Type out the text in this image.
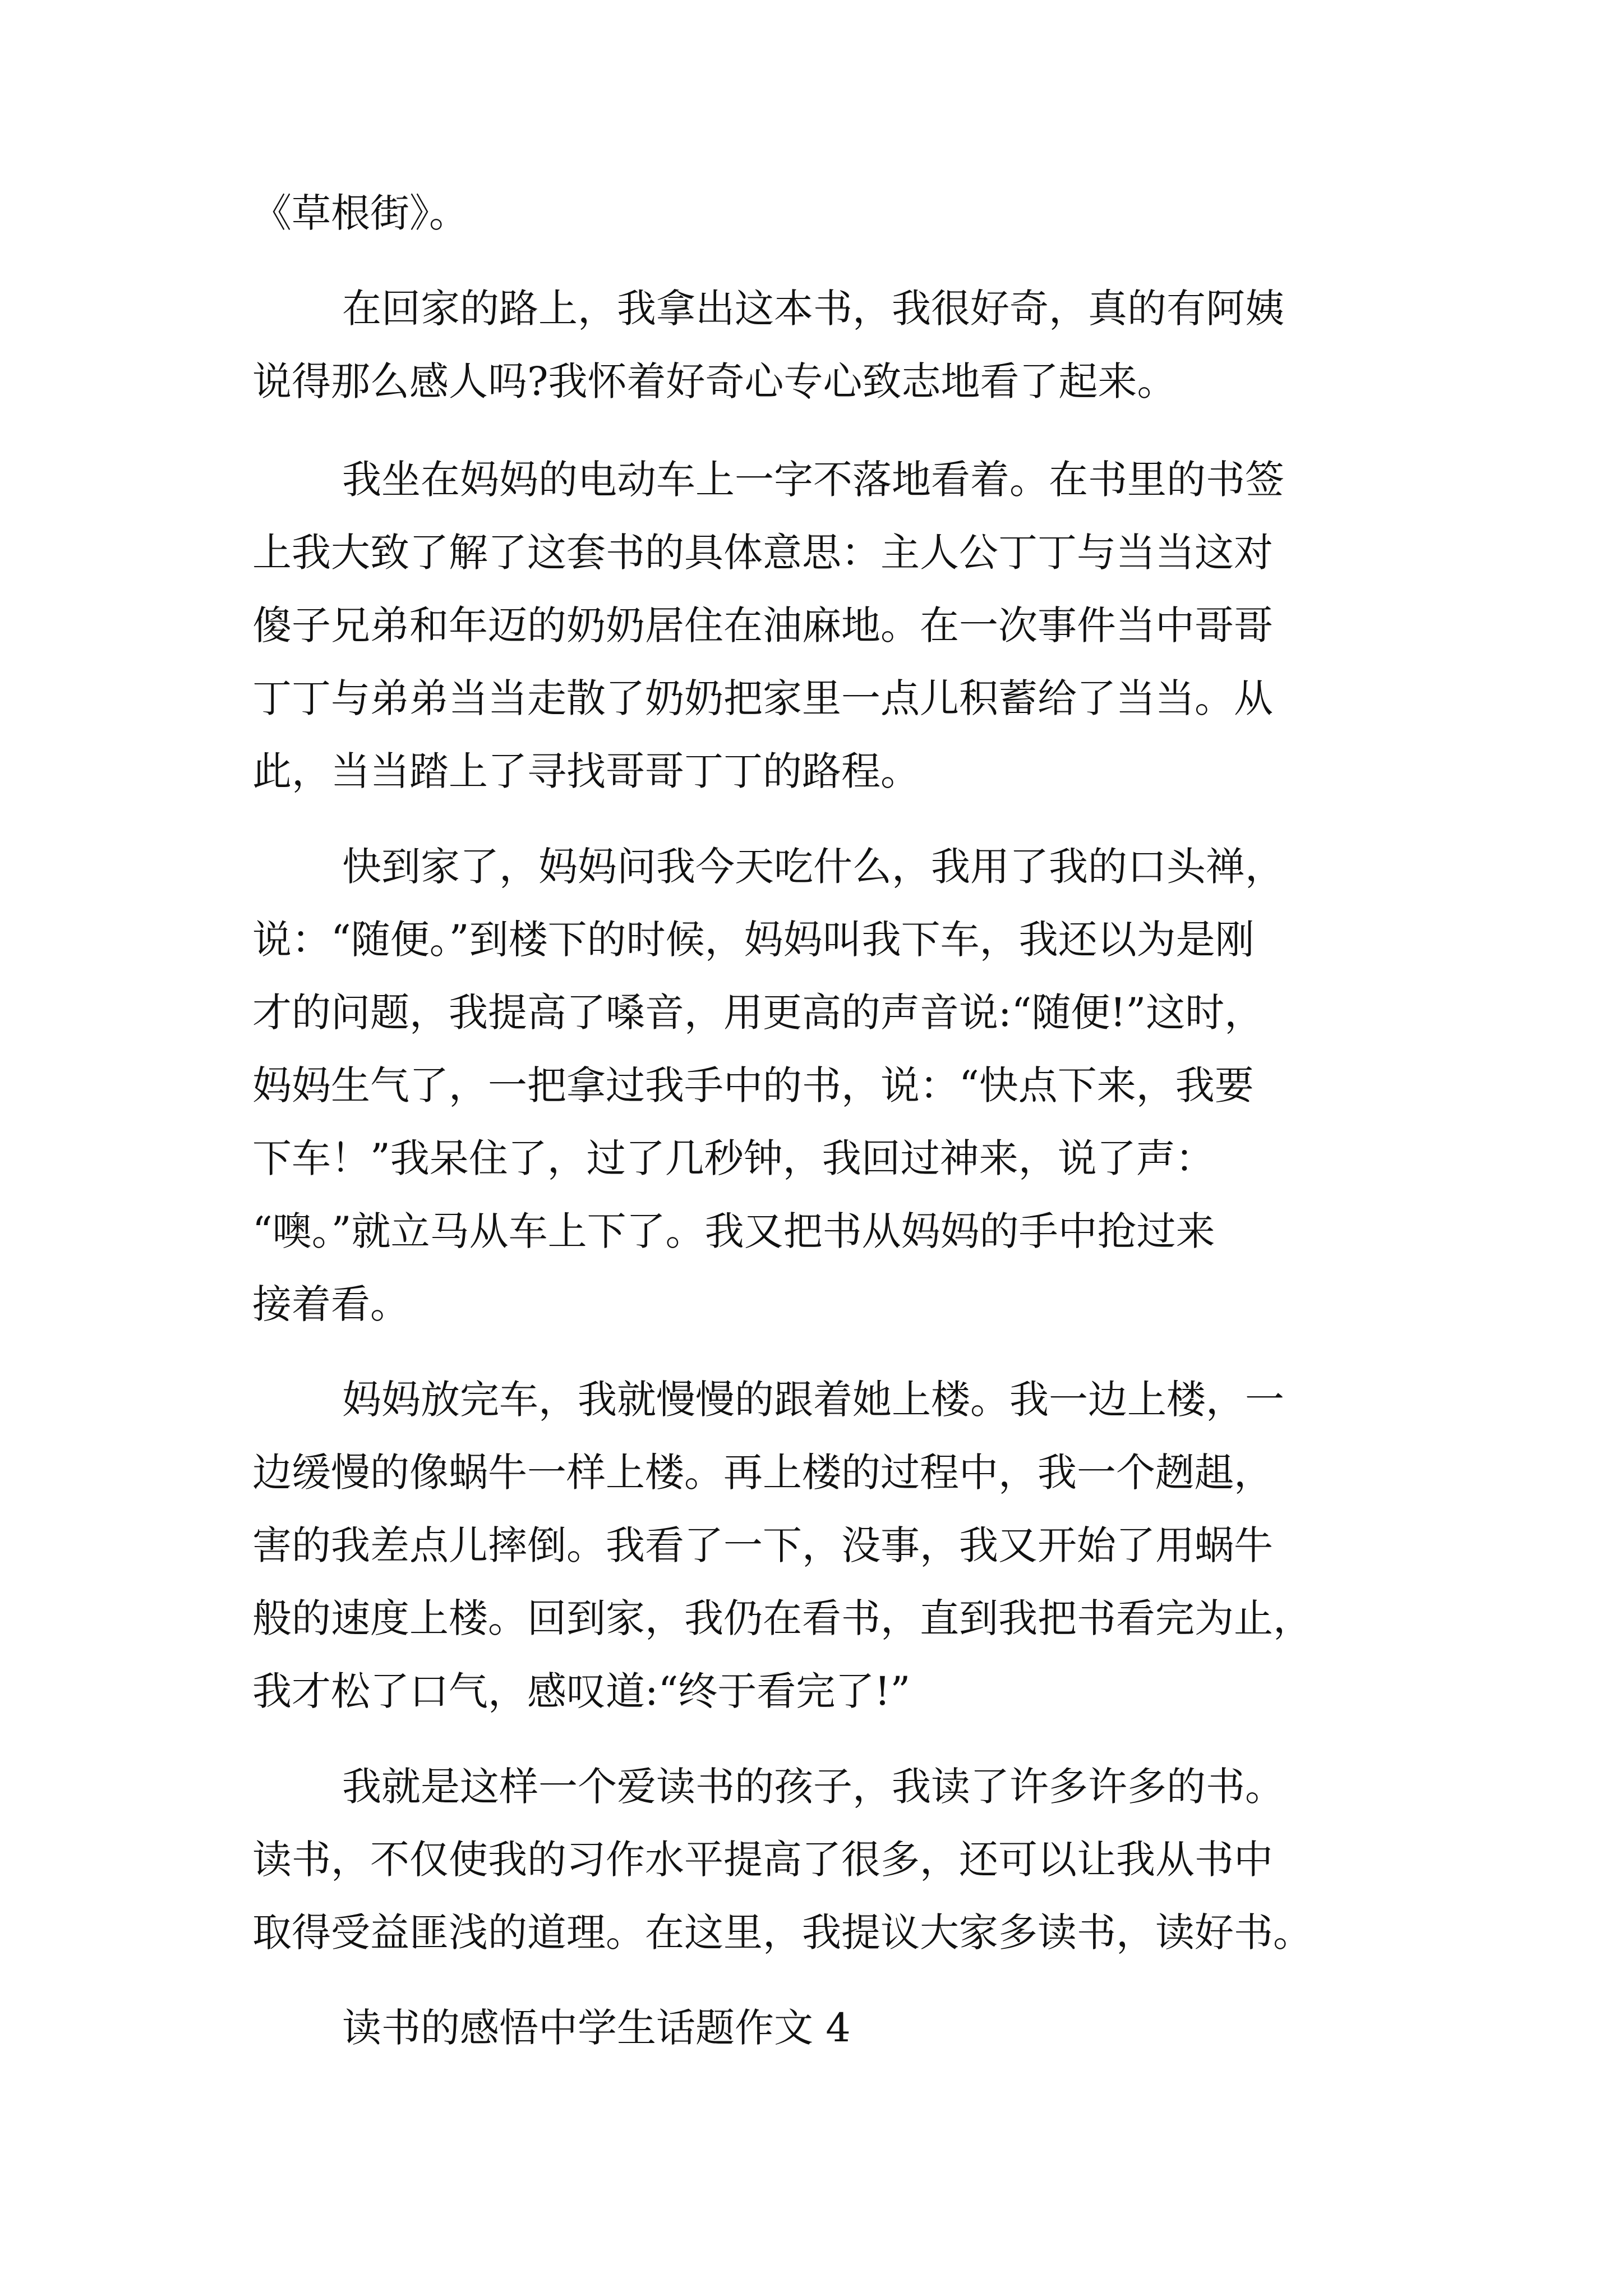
《草根街》。
在回家的路上，我拿出这本书，我很好奇，真的有阿姨
说得那么感人吗?我怀着好奇心专心致志地看了起来。
我坐在妈妈的电动车上一字不落地看着。在书里的书签
上我大致了解了这套书的具体意思：主人公丁丁与当当这对
傻子兄弟和年迈的奶奶居住在油麻地。在一次事件当中哥哥
丁丁与弟弟当当走散了奶奶把家里一点儿积蓄给了当当。从
此，当当踏上了寻找哥哥丁丁的路程。
快到家了，妈妈问我今天吃什么，我用了我的口头禅，
说：“随便。”到楼下的时候，妈妈叫我下车，我还以为是刚
才的问题，我提高了嗓音，用更高的声音说:“随便!”这时，
妈妈生气了，一把拿过我手中的书，说：“快点下来，我要
下车！”我呆住了，过了几秒钟，我回过神来，说了声：
“噢。”就立马从车上下了。我又把书从妈妈的手中抢过来
接着看。
妈妈放完车，我就慢慢的跟着她上楼。我一边上楼，一
边缓慢的像蜗牛一样上楼。再上楼的过程中，我一个趔趄，
害的我差点儿摔倒。我看了一下，没事，我又开始了用蜗牛
般的速度上楼。回到家，我仍在看书，直到我把书看完为止，
我才松了口气，感叹道:“终于看完了!”
我就是这样一个爱读书的孩子，我读了许多许多的书。
读书，不仅使我的习作水平提高了很多，还可以让我从书中
取得受益匪浅的道理。在这里，我提议大家多读书，读好书。
读书的感悟中学生话题作文 4
